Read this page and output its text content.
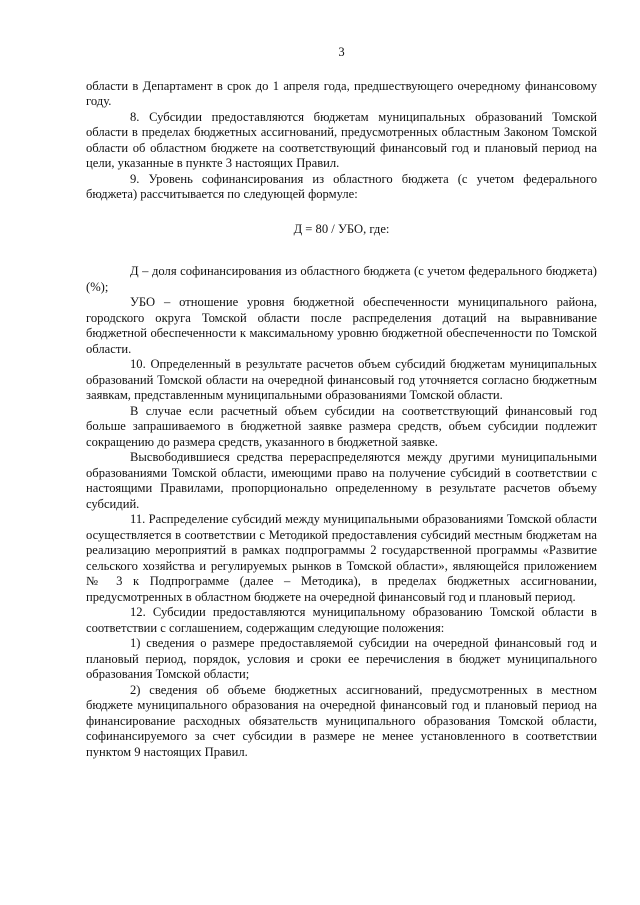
3

области в Департамент в срок до 1 апреля года, предшествующего очередному финансовому году.

8. Субсидии предоставляются бюджетам муниципальных образований Томской области в пределах бюджетных ассигнований, предусмотренных областным Законом Томской области об областном бюджете на соответствующий финансовый год и плановый период на цели, указанные в пункте 3 настоящих Правил.

9. Уровень софинансирования из областного бюджета (с учетом федерального бюджета) рассчитывается по следующей формуле:

Д = 80 / УБО, где:

Д – доля софинансирования из областного бюджета (с учетом федерального бюджета) (%);

УБО – отношение уровня бюджетной обеспеченности муниципального района, городского округа Томской области после распределения дотаций на выравнивание бюджетной обеспеченности к максимальному уровню бюджетной обеспеченности по Томской области.

10. Определенный в результате расчетов объем субсидий бюджетам муниципальных образований Томской области на очередной финансовый год уточняется согласно бюджетным заявкам, представленным муниципальными образованиями Томской области.

В случае если расчетный объем субсидии на соответствующий финансовый год больше запрашиваемого в бюджетной заявке размера средств, объем субсидии подлежит сокращению до размера средств, указанного в бюджетной заявке.

Высвободившиеся средства перераспределяются между другими муниципальными образованиями Томской области, имеющими право на получение субсидий в соответствии с настоящими Правилами, пропорционально определенному в результате расчетов объему субсидий.

11. Распределение субсидий между муниципальными образованиями Томской области осуществляется в соответствии с Методикой предоставления субсидий местным бюджетам на реализацию мероприятий в рамках подпрограммы 2 государственной программы «Развитие сельского хозяйства и регулируемых рынков в Томской области», являющейся приложением № 3 к Подпрограмме (далее – Методика), в пределах бюджетных ассигновании, предусмотренных в областном бюджете на очередной финансовый год и плановый период.

12. Субсидии предоставляются муниципальному образованию Томской области в соответствии с соглашением, содержащим следующие положения:

1) сведения о размере предоставляемой субсидии на очередной финансовый год и плановый период, порядок, условия и сроки ее перечисления в бюджет муниципального образования Томской области;

2) сведения об объеме бюджетных ассигнований, предусмотренных в местном бюджете муниципального образования на очередной финансовый год и плановый период на финансирование расходных обязательств муниципального образования Томской области, софинансируемого за счет субсидии в размере не менее установленного в соответствии пунктом 9 настоящих Правил.
